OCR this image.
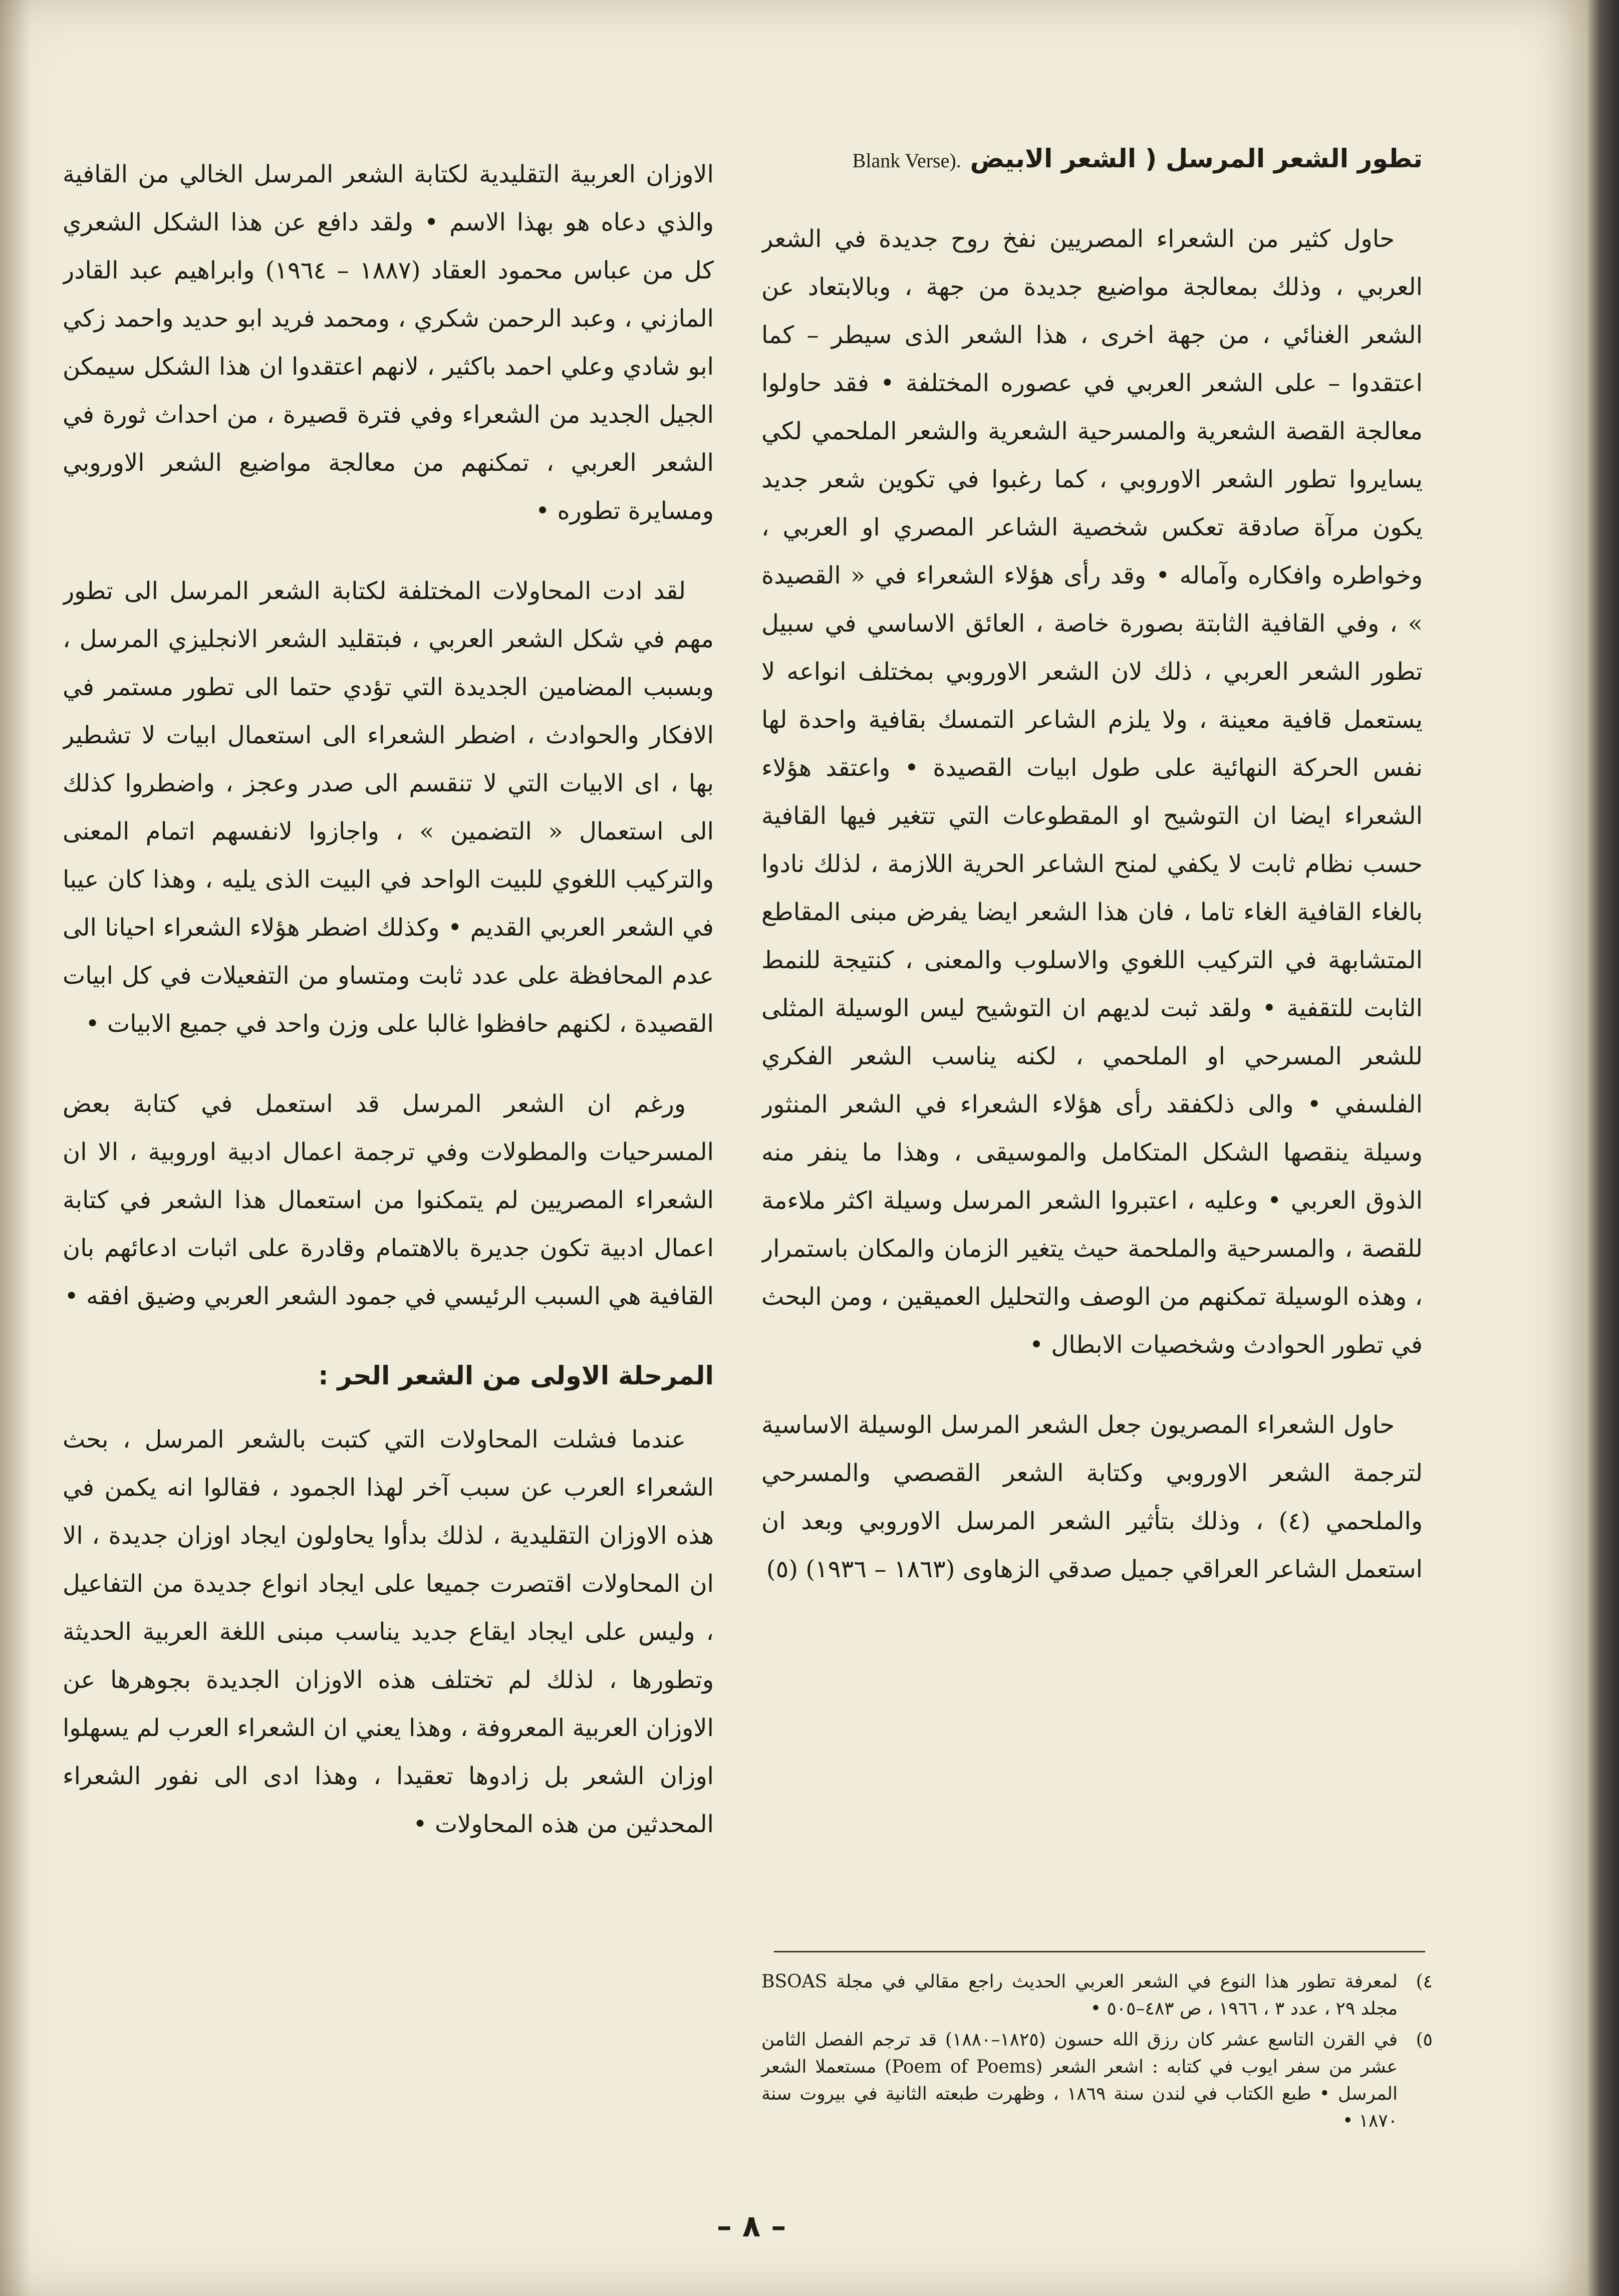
تطور الشعر المرسل ( الشعر الابيض Blank Verse).

حاول كثير من الشعراء المصريين نفخ روح جديدة في الشعر العربي ، وذلك بمعالجة مواضيع جديدة من جهة ، وبالابتعاد عن الشعر الغنائي ، من جهة اخرى ، هذا الشعر الذى سيطر – كما اعتقدوا – على الشعر العربي في عصوره المختلفة • فقد حاولوا معالجة القصة الشعرية والمسرحية الشعرية والشعر الملحمي لكي يسايروا تطور الشعر الاوروبي ، كما رغبوا في تكوين شعر جديد يكون مرآة صادقة تعكس شخصية الشاعر المصري او العربي ، وخواطره وافكاره وآماله • وقد رأى هؤلاء الشعراء في « القصيدة » ، وفي القافية الثابتة بصورة خاصة ، العائق الاساسي في سبيل تطور الشعر العربي ، ذلك لان الشعر الاوروبي بمختلف انواعه لا يستعمل قافية معينة ، ولا يلزم الشاعر التمسك بقافية واحدة لها نفس الحركة النهائية على طول ابيات القصيدة • واعتقد هؤلاء الشعراء ايضا ان التوشيح او المقطوعات التي تتغير فيها القافية حسب نظام ثابت لا يكفي لمنح الشاعر الحرية اللازمة ، لذلك نادوا بالغاء القافية الغاء تاما ، فان هذا الشعر ايضا يفرض مبنى المقاطع المتشابهة في التركيب اللغوي والاسلوب والمعنى ، كنتيجة للنمط الثابت للتقفية • ولقد ثبت لديهم ان التوشيح ليس الوسيلة المثلى للشعر المسرحي او الملحمي ، لكنه يناسب الشعر الفكري الفلسفي • والى ذلكفقد رأى هؤلاء الشعراء في الشعر المنثور وسيلة ينقصها الشكل المتكامل والموسيقى ، وهذا ما ينفر منه الذوق العربي • وعليه ، اعتبروا الشعر المرسل وسيلة اكثر ملاءمة للقصة ، والمسرحية والملحمة حيث يتغير الزمان والمكان باستمرار ، وهذه الوسيلة تمكنهم من الوصف والتحليل العميقين ، ومن البحث في تطور الحوادث وشخصيات الابطال •

حاول الشعراء المصريون جعل الشعر المرسل الوسيلة الاساسية لترجمة الشعر الاوروبي وكتابة الشعر القصصي والمسرحي والملحمي (٤) ، وذلك بتأثير الشعر المرسل الاوروبي وبعد ان استعمل الشاعر العراقي جميل صدقي الزهاوى (١٨٦٣ – ١٩٣٦) (٥)

الاوزان العربية التقليدية لكتابة الشعر المرسل الخالي من القافية والذي دعاه هو بهذا الاسم • ولقد دافع عن هذا الشكل الشعري كل من عباس محمود العقاد (١٨٨٧ – ١٩٦٤) وابراهيم عبد القادر المازني ، وعبد الرحمن شكري ، ومحمد فريد ابو حديد واحمد زكي ابو شادي وعلي احمد باكثير ، لانهم اعتقدوا ان هذا الشكل سيمكن الجيل الجديد من الشعراء وفي فترة قصيرة ، من احداث ثورة في الشعر العربي ، تمكنهم من معالجة مواضيع الشعر الاوروبي ومسايرة تطوره •

لقد ادت المحاولات المختلفة لكتابة الشعر المرسل الى تطور مهم في شكل الشعر العربي ، فبتقليد الشعر الانجليزي المرسل ، وبسبب المضامين الجديدة التي تؤدي حتما الى تطور مستمر في الافكار والحوادث ، اضطر الشعراء الى استعمال ابيات لا تشطير بها ، اى الابيات التي لا تنقسم الى صدر وعجز ، واضطروا كذلك الى استعمال « التضمين » ، واجازوا لانفسهم اتمام المعنى والتركيب اللغوي للبيت الواحد في البيت الذى يليه ، وهذا كان عيبا في الشعر العربي القديم • وكذلك اضطر هؤلاء الشعراء احيانا الى عدم المحافظة على عدد ثابت ومتساو من التفعيلات في كل ابيات القصيدة ، لكنهم حافظوا غالبا على وزن واحد في جميع الابيات •

ورغم ان الشعر المرسل قد استعمل في كتابة بعض المسرحيات والمطولات وفي ترجمة اعمال ادبية اوروبية ، الا ان الشعراء المصريين لم يتمكنوا من استعمال هذا الشعر في كتابة اعمال ادبية تكون جديرة بالاهتمام وقادرة على اثبات ادعائهم بان القافية هي السبب الرئيسي في جمود الشعر العربي وضيق افقه •

المرحلة الاولى من الشعر الحر :

عندما فشلت المحاولات التي كتبت بالشعر المرسل ، بحث الشعراء العرب عن سبب آخر لهذا الجمود ، فقالوا انه يكمن في هذه الاوزان التقليدية ، لذلك بدأوا يحاولون ايجاد اوزان جديدة ، الا ان المحاولات اقتصرت جميعا على ايجاد انواع جديدة من التفاعيل ، وليس على ايجاد ايقاع جديد يناسب مبنى اللغة العربية الحديثة وتطورها ، لذلك لم تختلف هذه الاوزان الجديدة بجوهرها عن الاوزان العربية المعروفة ، وهذا يعني ان الشعراء العرب لم يسهلوا اوزان الشعر بل زادوها تعقيدا ، وهذا ادى الى نفور الشعراء المحدثين من هذه المحاولات •

٤)
لمعرفة تطور هذا النوع في الشعر العربي الحديث راجع مقالي في مجلة BSOAS مجلد ٢٩ ، عدد ٣ ، ١٩٦٦ ، ص ٤٨٣–٥٠٥ •
٥)
في القرن التاسع عشر كان رزق الله حسون (١٨٢٥–١٨٨٠) قد ترجم الفصل الثامن عشر من سفر ايوب في كتابه : اشعر الشعر (Poem of Poems) مستعملا الشعر المرسل • طبع الكتاب في لندن سنة ١٨٦٩ ، وظهرت طبعته الثانية في بيروت سنة ١٨٧٠ •
– ٨ –
